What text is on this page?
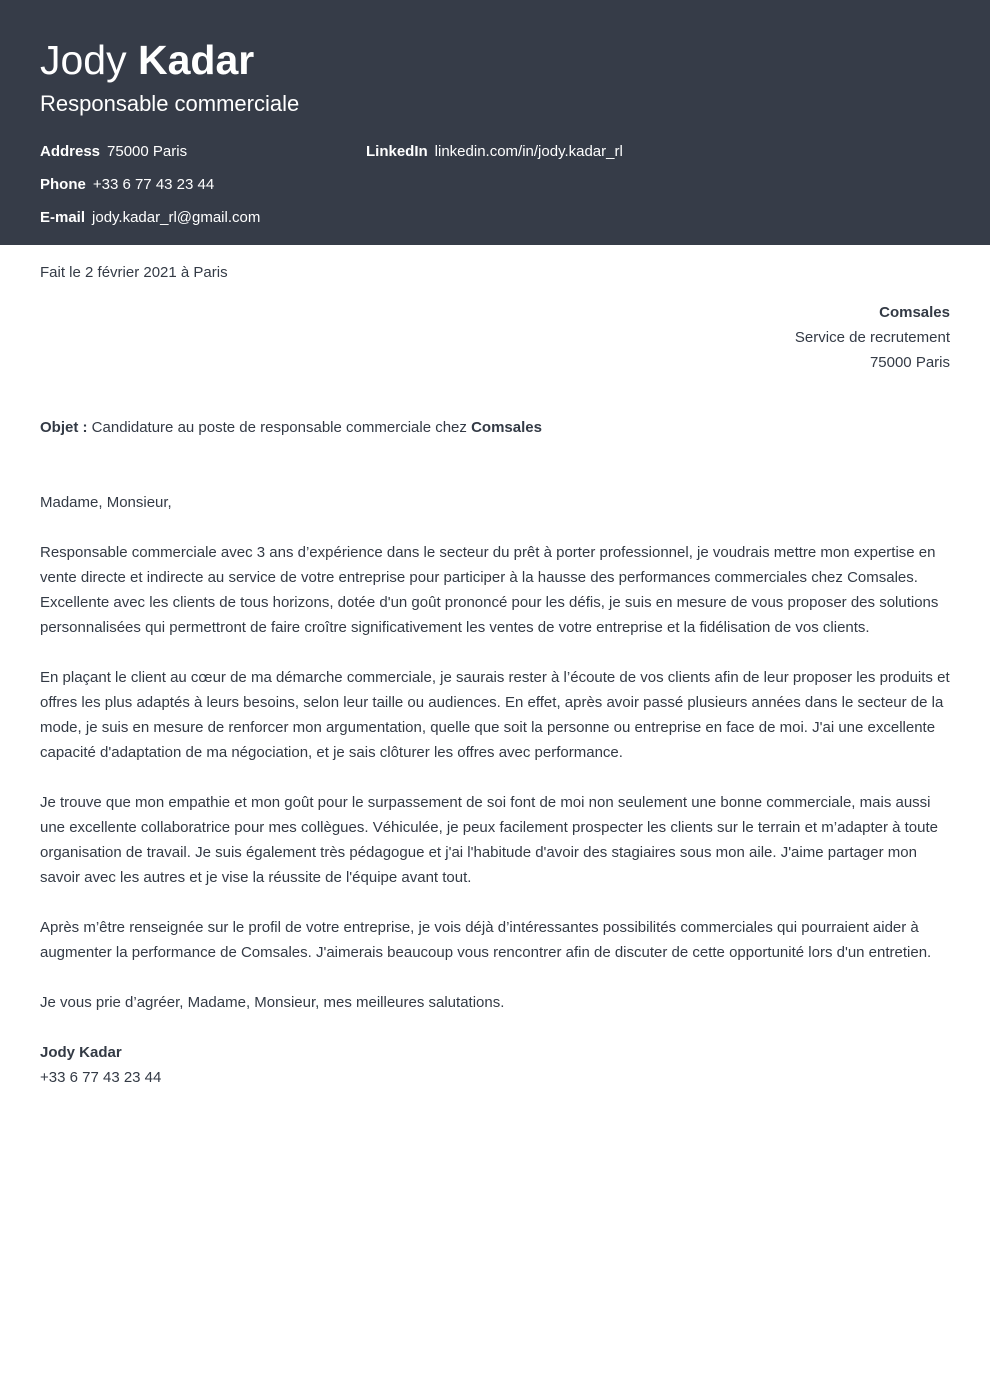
Jody Kadar

Responsable commerciale

Address 75000 Paris	LinkedIn linkedin.com/in/jody.kadar_rl
Phone +33 6 77 43 23 44
E-mail jody.kadar_rl@gmail.com

Fait le 2 février 2021 à Paris

Comsales
Service de recrutement
75000 Paris

Objet : Candidature au poste de responsable commerciale chez Comsales

Madame, Monsieur,

Responsable commerciale avec 3 ans d’expérience dans le secteur du prêt à porter professionnel, je voudrais mettre mon expertise en vente directe et indirecte au service de votre entreprise pour participer à la hausse des performances commerciales chez Comsales. Excellente avec les clients de tous horizons, dotée d'un goût prononcé pour les défis, je suis en mesure de vous proposer des solutions personnalisées qui permettront de faire croître significativement les ventes de votre entreprise et la fidélisation de vos clients.

En plaçant le client au cœur de ma démarche commerciale, je saurais rester à l’écoute de vos clients afin de leur proposer les produits et offres les plus adaptés à leurs besoins, selon leur taille ou audiences. En effet, après avoir passé plusieurs années dans le secteur de la mode, je suis en mesure de renforcer mon argumentation, quelle que soit la personne ou entreprise en face de moi. J'ai une excellente capacité d'adaptation de ma négociation, et je sais clôturer les offres avec performance.

Je trouve que mon empathie et mon goût pour le surpassement de soi font de moi non seulement une bonne commerciale, mais aussi une excellente collaboratrice pour mes collègues. Véhiculée, je peux facilement prospecter les clients sur le terrain et m’adapter à toute organisation de travail. Je suis également très pédagogue et j'ai l'habitude d'avoir des stagiaires sous mon aile. J'aime partager mon savoir avec les autres et je vise la réussite de l'équipe avant tout.

Après m’être renseignée sur le profil de votre entreprise, je vois déjà d’intéressantes possibilités commerciales qui pourraient aider à augmenter la performance de Comsales. J'aimerais beaucoup vous rencontrer afin de discuter de cette opportunité lors d'un entretien.

Je vous prie d’agréer, Madame, Monsieur, mes meilleures salutations.

Jody Kadar
+33 6 77 43 23 44
